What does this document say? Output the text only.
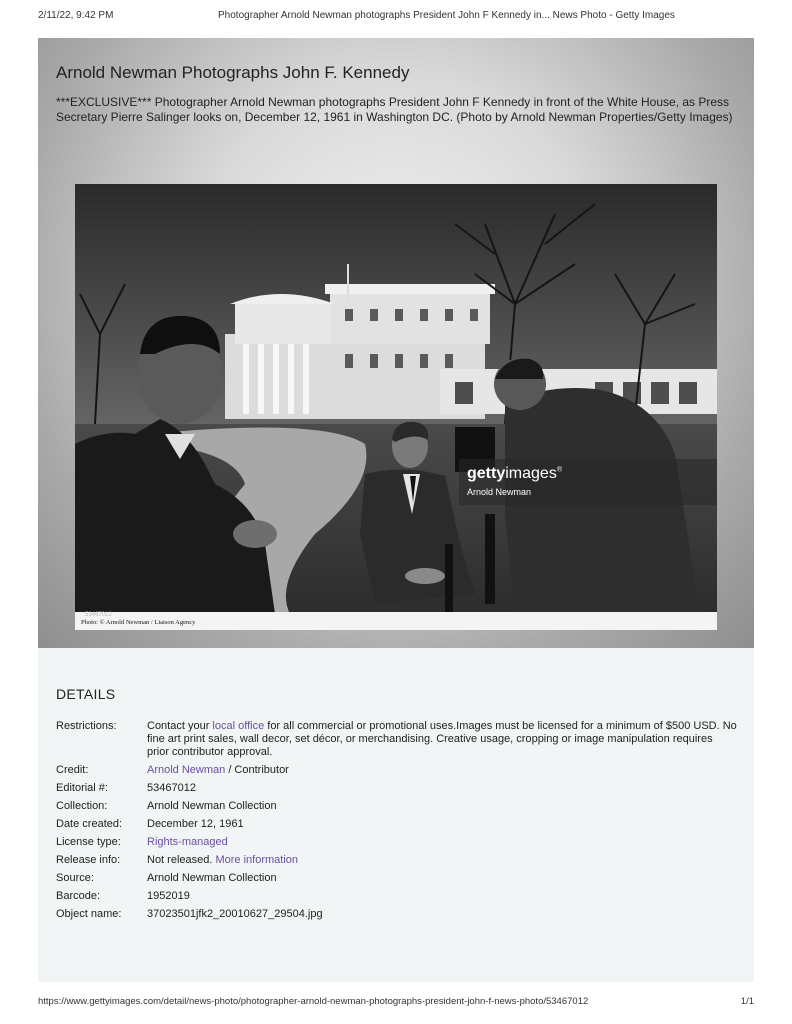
2/11/22, 9:42 PM	Photographer Arnold Newman photographs President John F Kennedy in... News Photo - Getty Images
Arnold Newman Photographs John F. Kennedy
***EXCLUSIVE*** Photographer Arnold Newman photographs President John F Kennedy in front of the White House, as Press Secretary Pierre Salinger looks on, December 12, 1961 in Washington DC. (Photo by Arnold Newman Properties/Getty Images)
53467012
Photo: © Arnold Newman / Liaison Agency
gettyimages®
Arnold Newman
DETAILS
Restrictions:	Contact your local office for all commercial or promotional uses.Images must be licensed for a minimum of $500 USD. No fine art print sales, wall decor, set décor, or merchandising. Creative usage, cropping or image manipulation requires prior contributor approval.
Credit:	Arnold Newman / Contributor
Editorial #:	53467012
Collection:	Arnold Newman Collection
Date created:	December 12, 1961
License type:	Rights-managed
Release info:	Not released. More information
Source:	Arnold Newman Collection
Barcode:	1952019
Object name:	37023501jfk2_20010627_29504.jpg
https://www.gettyimages.com/detail/news-photo/photographer-arnold-newman-photographs-president-john-f-news-photo/53467012	1/1
